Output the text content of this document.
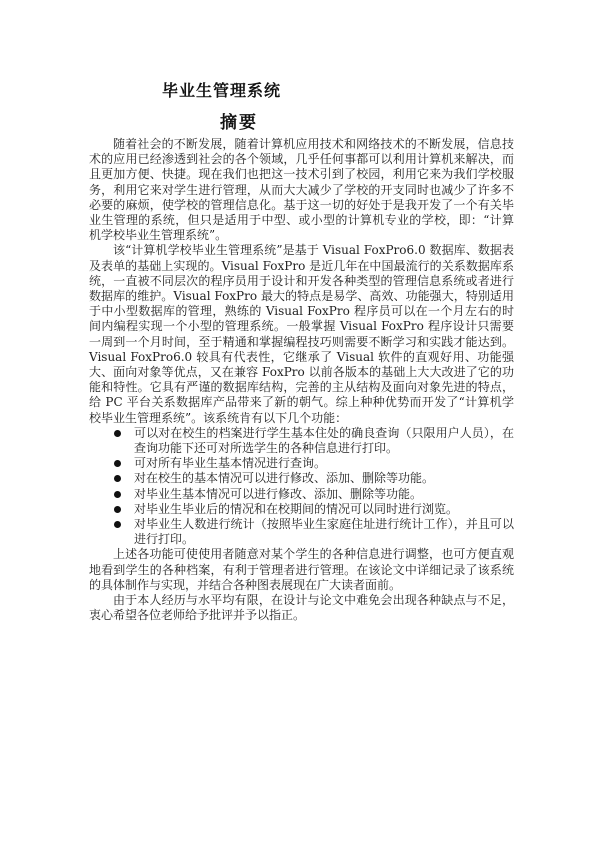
毕业生管理系统
摘要

随着社会的不断发展，随着计算机应用技术和网络技术的不断发展，信息技术的应用已经渗透到社会的各个领域，几乎任何事都可以利用计算机来解决，而且更加方便、快捷。现在我们也把这一技术引到了校园，利用它来为我们学校服务，利用它来对学生进行管理，从而大大减少了学校的开支同时也减少了许多不必要的麻烦，使学校的管理信息化。基于这一切的好处于是我开发了一个有关毕业生管理的系统，但只是适用于中型、或小型的计算机专业的学校，即：“计算机学校毕业生管理系统”。

该“计算机学校毕业生管理系统”是基于 Visual FoxPro6.0 数据库、数据表及表单的基础上实现的。Visual FoxPro 是近几年在中国最流行的关系数据库系统，一直被不同层次的程序员用于设计和开发各种类型的管理信息系统或者进行数据库的维护。Visual FoxPro 最大的特点是易学、高效、功能强大，特别适用于中小型数据库的管理，熟练的 Visual FoxPro 程序员可以在一个月左右的时间内编程实现一个小型的管理系统。一般掌握 Visual FoxPro 程序设计只需要一周到一个月时间，至于精通和掌握编程技巧则需要不断学习和实践才能达到。Visual FoxPro6.0 较具有代表性，它继承了 Visual 软件的直观好用、功能强大、面向对象等优点，又在兼容 FoxPro 以前各版本的基础上大大改进了它的功能和特性。它具有严谨的数据库结构，完善的主从结构及面向对象先进的特点，给 PC 平台关系数据库产品带来了新的朝气。综上种种优势而开发了“计算机学校毕业生管理系统”。该系统肯有以下几个功能：

可以对在校生的档案进行学生基本住处的确良查询（只限用户人员），在查询功能下还可对所选学生的各种信息进行打印。
可对所有毕业生基本情况进行查询。
对在校生的基本情况可以进行修改、添加、删除等功能。
对毕业生基本情况可以进行修改、添加、删除等功能。
对毕业生毕业后的情况和在校期间的情况可以同时进行浏览。
对毕业生人数进行统计（按照毕业生家庭住址进行统计工作），并且可以进行打印。

上述各功能可使使用者随意对某个学生的各种信息进行调整，也可方便直观地看到学生的各种档案，有利于管理者进行管理。在该论文中详细记录了该系统的具体制作与实现，并结合各种图表展现在广大读者面前。

由于本人经历与水平均有限，在设计与论文中难免会出现各种缺点与不足，衷心希望各位老师给予批评并予以指正。
